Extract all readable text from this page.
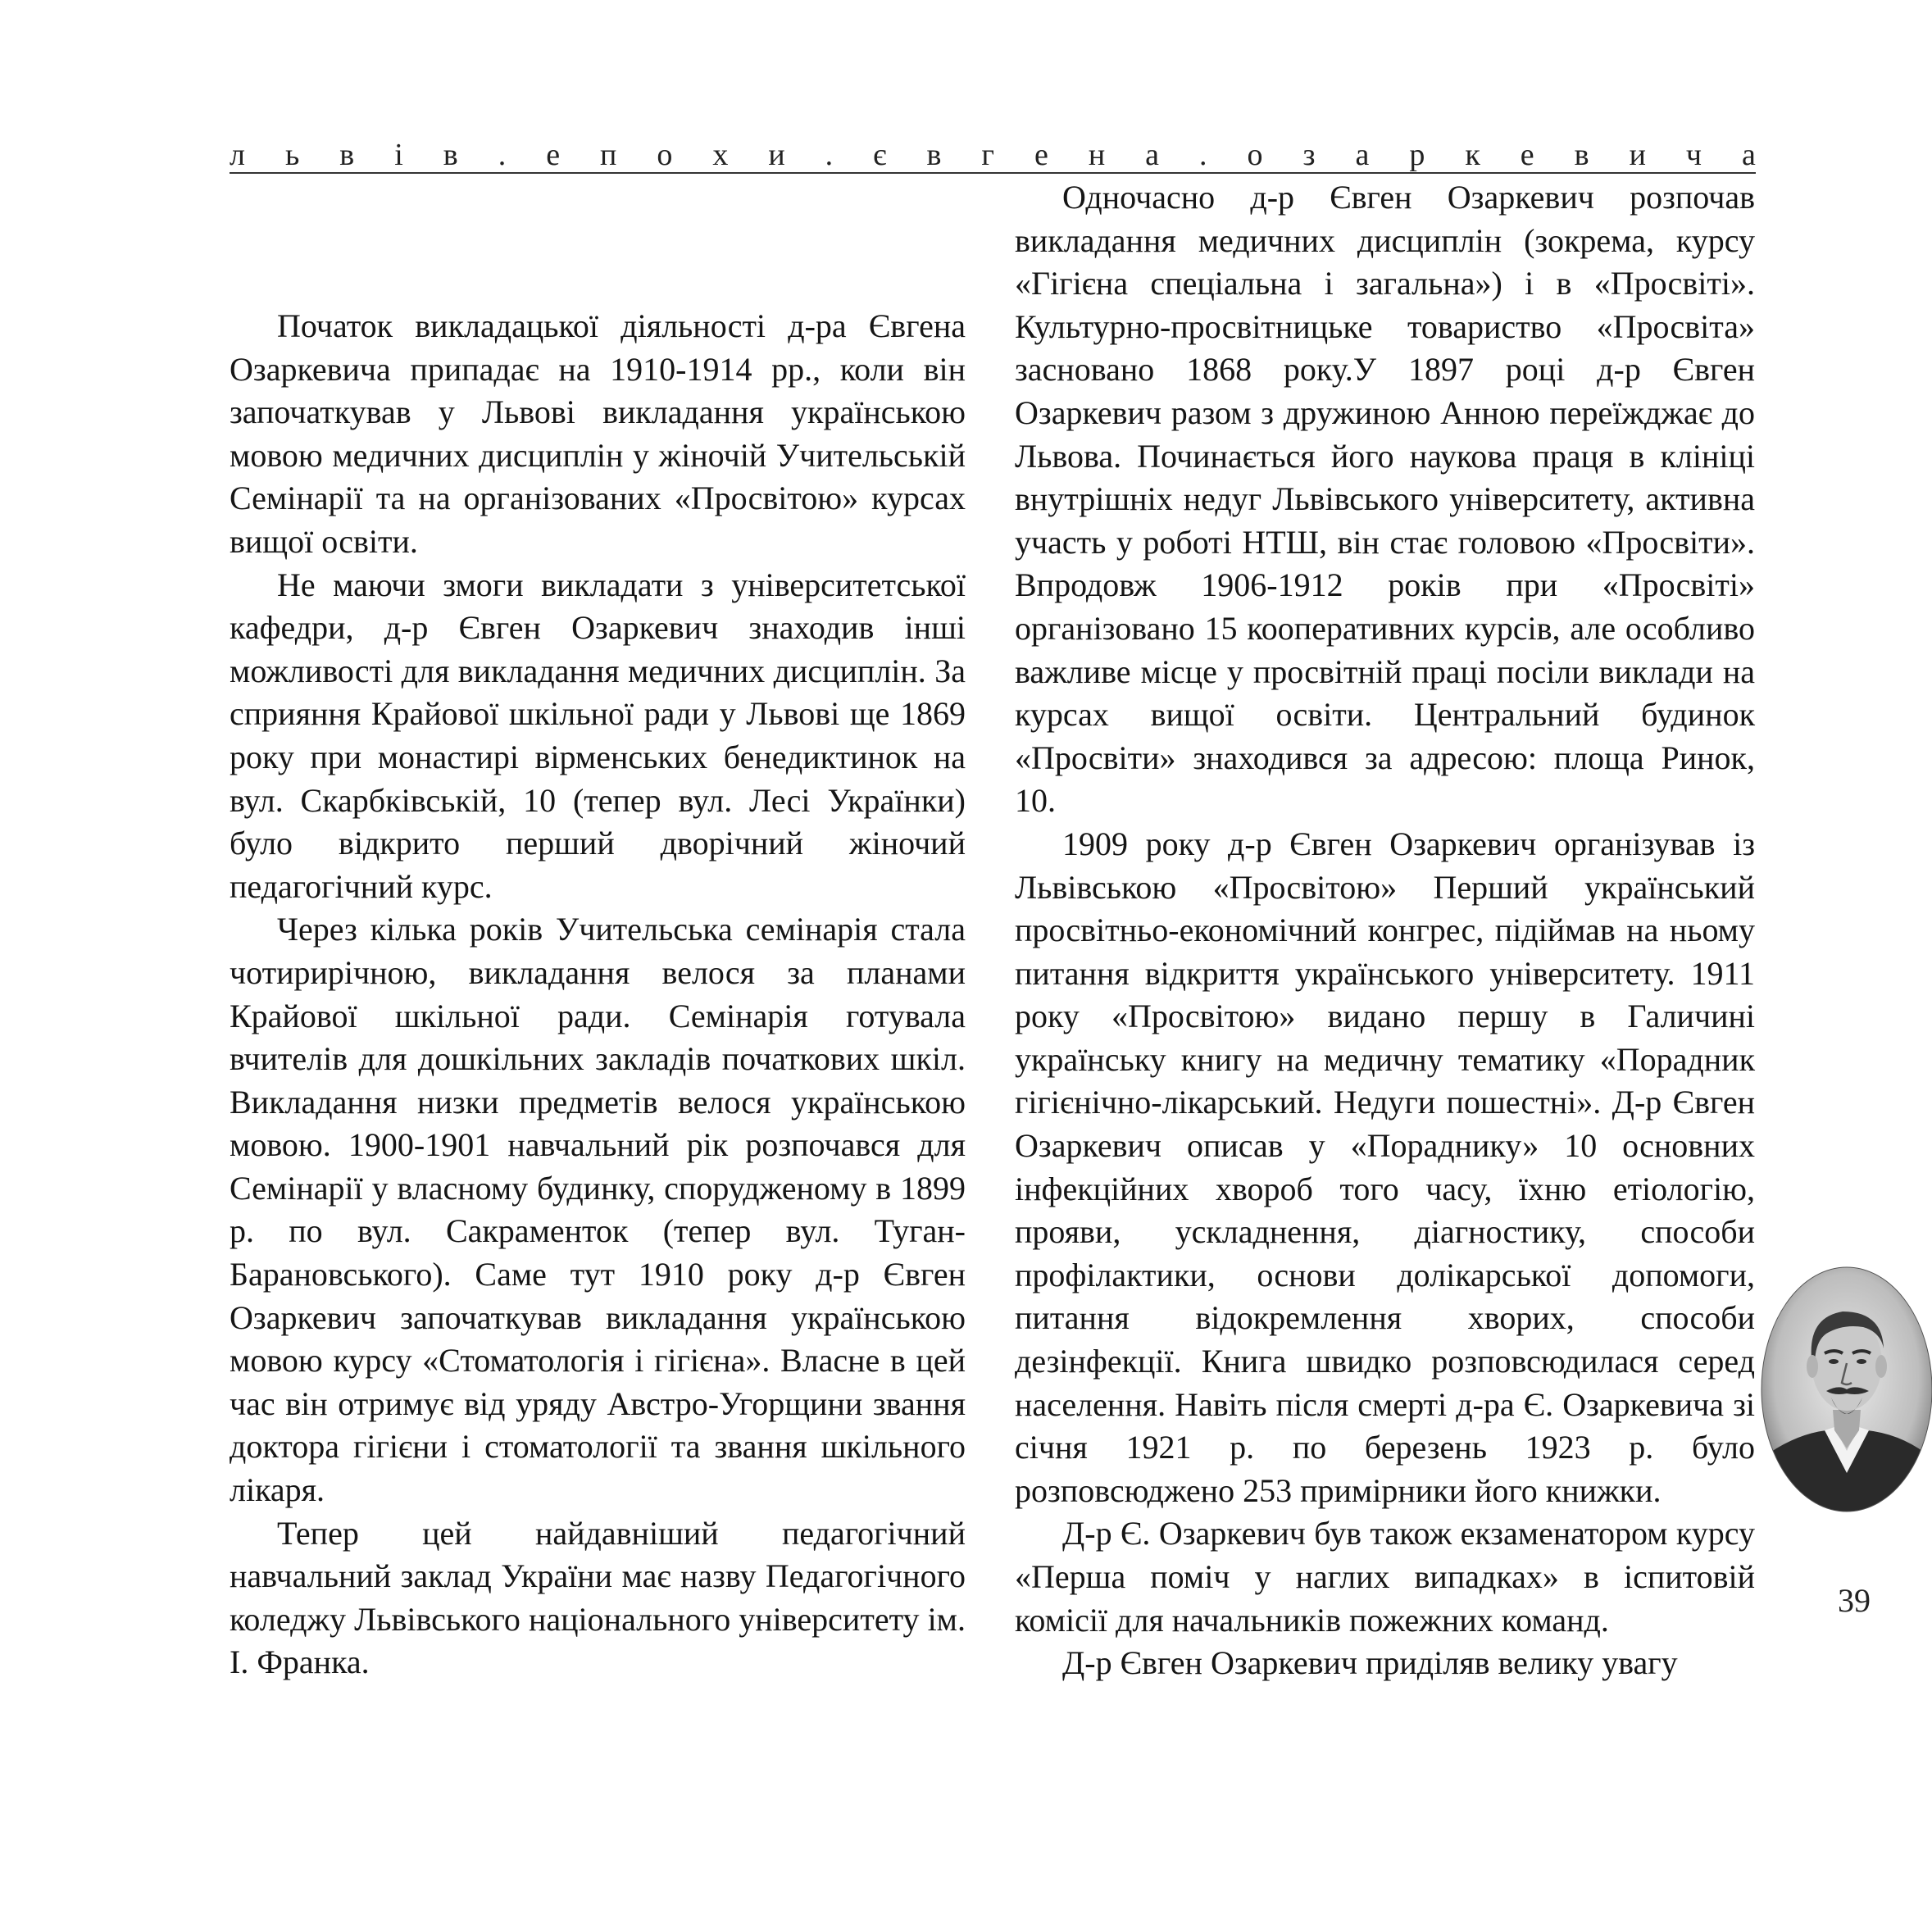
л ь в і в . е п о х и . є в г е н а . о з а р к е в и ч а

Початок викладацької діяльності д-ра Євгена Озаркевича припадає на 1910-1914 рр., коли він започаткував у Львові викладання українською мовою медичних дисциплін у жіночій Учительській Семінарії та на організованих «Просвітою» курсах вищої освіти.

Не маючи змоги викладати з університетської кафедри, д-р Євген Озаркевич знаходив інші можливості для викладання медичних дисциплін. За сприяння Крайової шкільної ради у Львові ще 1869 року при монастирі вірменських бенедиктинок на вул. Скарбківській, 10 (тепер вул. Лесі Українки) було відкрито перший дворічний жіночий педагогічний курс.

Через кілька років Учительська семінарія стала чотирирічною, викладання велося за планами Крайової шкільної ради. Семінарія готувала вчителів для дошкільних закладів початкових шкіл. Викладання низки предметів велося українською мовою. 1900-1901 навчальний рік розпочався для Семінарії у власному будинку, спорудженому в 1899 р. по вул. Сакраменток (тепер вул. Туган-Барановського). Саме тут 1910 року д-р Євген Озаркевич започаткував викладання українською мовою курсу «Стоматологія і гігієна». Власне в цей час він отримує від уряду Австро-Угорщини звання доктора гігієни і стоматології та звання шкільного лікаря.

Тепер цей найдавніший педагогічний навчальний заклад України має назву Педагогічного коледжу Львівського національного університету ім. І. Франка.

Одночасно д-р Євген Озаркевич розпочав викладання медичних дисциплін (зокрема, курсу «Гігієна спеціальна і загальна») і в «Просвіті». Культурно-просвітницьке товариство «Просвіта» засновано 1868 року.У 1897 році д-р Євген Озаркевич разом з дружиною Анною переїжджає до Львова. Починається його наукова праця в клініці внутрішніх недуг Львівського університету, активна участь у роботі НТШ, він стає головою «Просвіти». Впродовж 1906-1912 років при «Просвіті» організовано 15 кооперативних курсів, але особливо важливе місце у просвітній праці посіли виклади на курсах вищої освіти. Центральний будинок «Просвіти» знаходився за адресою: площа Ринок, 10.

1909 року д-р Євген Озаркевич організував із Львівською «Просвітою» Перший український просвітньо-економічний конгрес, підіймав на ньому питання відкриття українського університету. 1911 року «Просвітою» видано першу в Галичині українську книгу на медичну тематику «Порадник гігієнічно-лікарський. Недуги пошестні». Д-р Євген Озаркевич описав у «Пораднику» 10 основних інфекційних хвороб того часу, їхню етіологію, прояви, ускладнення, діагностику, способи профілактики, основи долікарської допомоги, питання відокремлення хворих, способи дезінфекції. Книга швидко розповсюдилася серед населення. Навіть після смерті д-ра Є. Озаркевича зі січня 1921 р. по березень 1923 р. було розповсюджено 253 примірники його книжки.

Д-р Є. Озаркевич був також екзаменатором курсу «Перша поміч у наглих випадках» в іспитовій комісії для начальників пожежних команд.

Д-р Євген Озаркевич приділяв велику увагу

39
